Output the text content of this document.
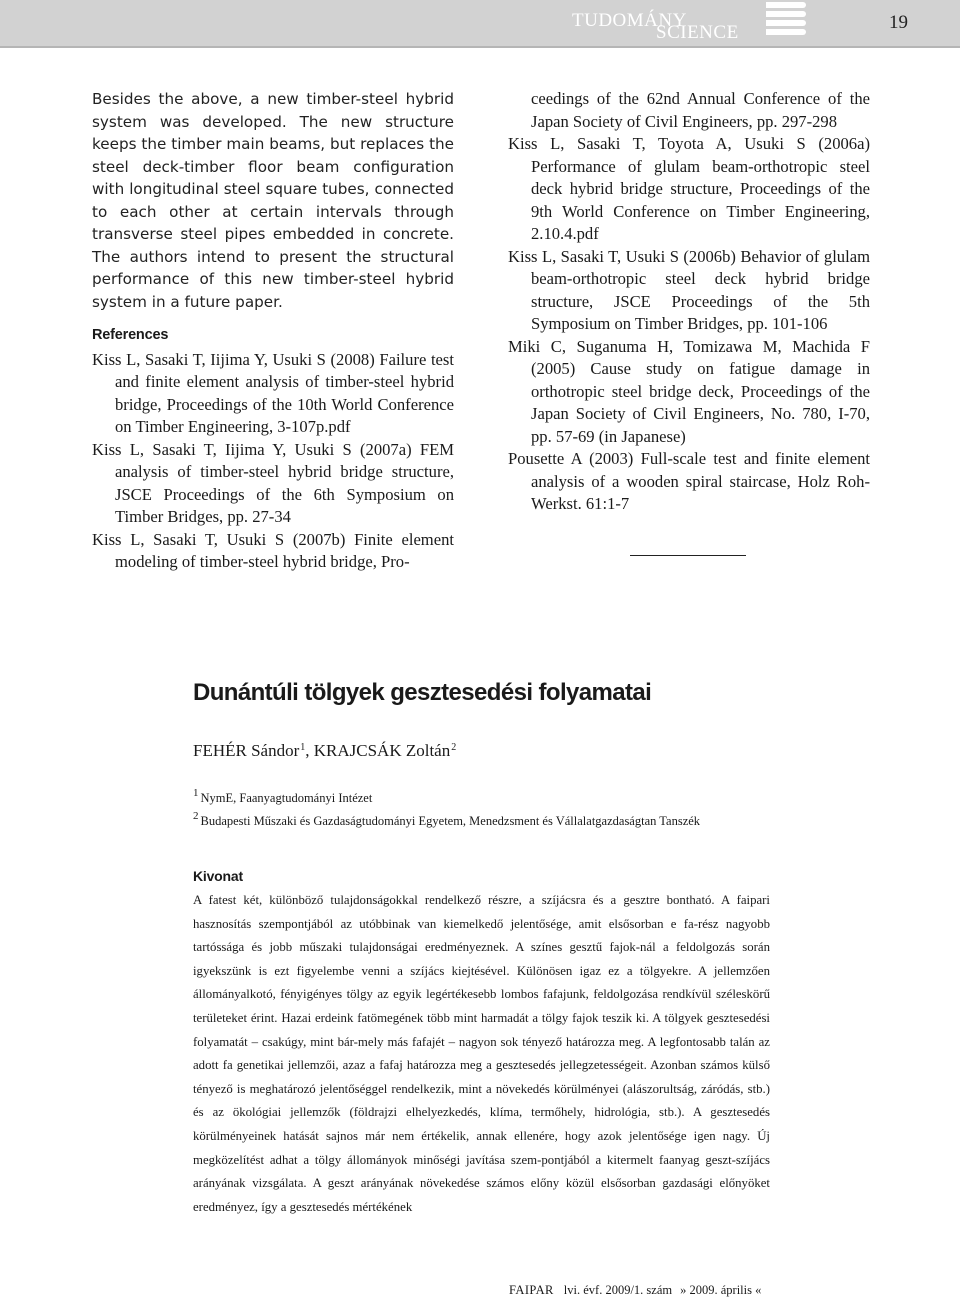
TUDOMÁNY
SCIENCE	19

Besides the above, a new timber-steel hybrid system was developed. The new structure keeps the timber main beams, but replaces the steel deck-timber floor beam configuration with longitudinal steel square tubes, connected to each other at certain intervals through transverse steel pipes embedded in concrete. The authors intend to present the structural performance of this new timber-steel hybrid system in a future paper.

References

Kiss L, Sasaki T, Iijima Y, Usuki S (2008) Failure test and finite element analysis of timber-steel hybrid bridge, Proceedings of the 10th World Conference on Timber Engineering, 3-107p.pdf

Kiss L, Sasaki T, Iijima Y, Usuki S (2007a) FEM analysis of timber-steel hybrid bridge structure, JSCE Proceedings of the 6th Symposium on Timber Bridges, pp. 27-34

Kiss L, Sasaki T, Usuki S (2007b) Finite element modeling of timber-steel hybrid bridge, Pro-

ceedings of the 62nd Annual Conference of the Japan Society of Civil Engineers, pp. 297-298

Kiss L, Sasaki T, Toyota A, Usuki S (2006a) Performance of glulam beam-orthotropic steel deck hybrid bridge structure, Proceedings of the 9th World Conference on Timber Engineering, 2.10.4.pdf

Kiss L, Sasaki T, Usuki S (2006b) Behavior of glulam beam-orthotropic steel deck hybrid bridge structure, JSCE Proceedings of the 5th Symposium on Timber Bridges, pp. 101-106

Miki C, Suganuma H, Tomizawa M, Machida F (2005) Cause study on fatigue damage in orthotropic steel bridge deck, Proceedings of the Japan Society of Civil Engineers, No. 780, I-70, pp. 57-69 (in Japanese)

Pousette A (2003) Full-scale test and finite element analysis of a wooden spiral staircase, Holz Roh-Werkst. 61:1-7

Dunántúli tölgyek gesztesedési folyamatai
FEHÉR Sándor$^1$, KRAJCSÁK Zoltán$^2$
1 NymE, Faanyagtudományi Intézet
2 Budapesti Műszaki és Gazdaságtudományi Egyetem, Menedzsment és Vállalatgazdaságtan Tanszék
Kivonat

A fatest két, különböző tulajdonságokkal rendelkező részre, a szíjácsra és a gesztre bontható. A faipari hasznosítás szempontjából az utóbbinak van kiemelkedő jelentősége, amit elsősorban e fa-rész nagyobb tartóssága és jobb műszaki tulajdonságai eredményeznek. A színes gesztű fajok-nál a feldolgozás során igyekszünk is ezt figyelembe venni a szíjács kiejtésével. Különösen igaz ez a tölgyekre. A jellemzően állományalkotó, fényigényes tölgy az egyik legértékesebb lombos fafajunk, feldolgozása rendkívül széleskörű területeket érint. Hazai erdeink fatömegének több mint harmadát a tölgy fajok teszik ki. A tölgyek gesztesedési folyamatát – csakúgy, mint bár-mely más fafajét – nagyon sok tényező határozza meg. A legfontosabb talán az adott fa genetikai jellemzői, azaz a fafaj határozza meg a gesztesedés jellegzetességeit. Azonban számos külső tényező is meghatározó jelentőséggel rendelkezik, mint a növekedés körülményei (alászorultság, záródás, stb.) és az ökológiai jellemzők (földrajzi elhelyezkedés, klíma, termőhely, hidrológia, stb.). A gesztesedés körülményeinek hatását sajnos már nem értékelik, annak ellenére, hogy azok jelentősége igen nagy. Új megközelítést adhat a tölgy állományok minőségi javítása szem-pontjából a kitermelt faanyag geszt-szíjács arányának vizsgálata. A geszt arányának növekedése számos előny közül elsősorban gazdasági előnyöket eredményez, így a gesztesedés mértékének

FAIPAR lvi. évf. 2009/1. szám » 2009. április «
